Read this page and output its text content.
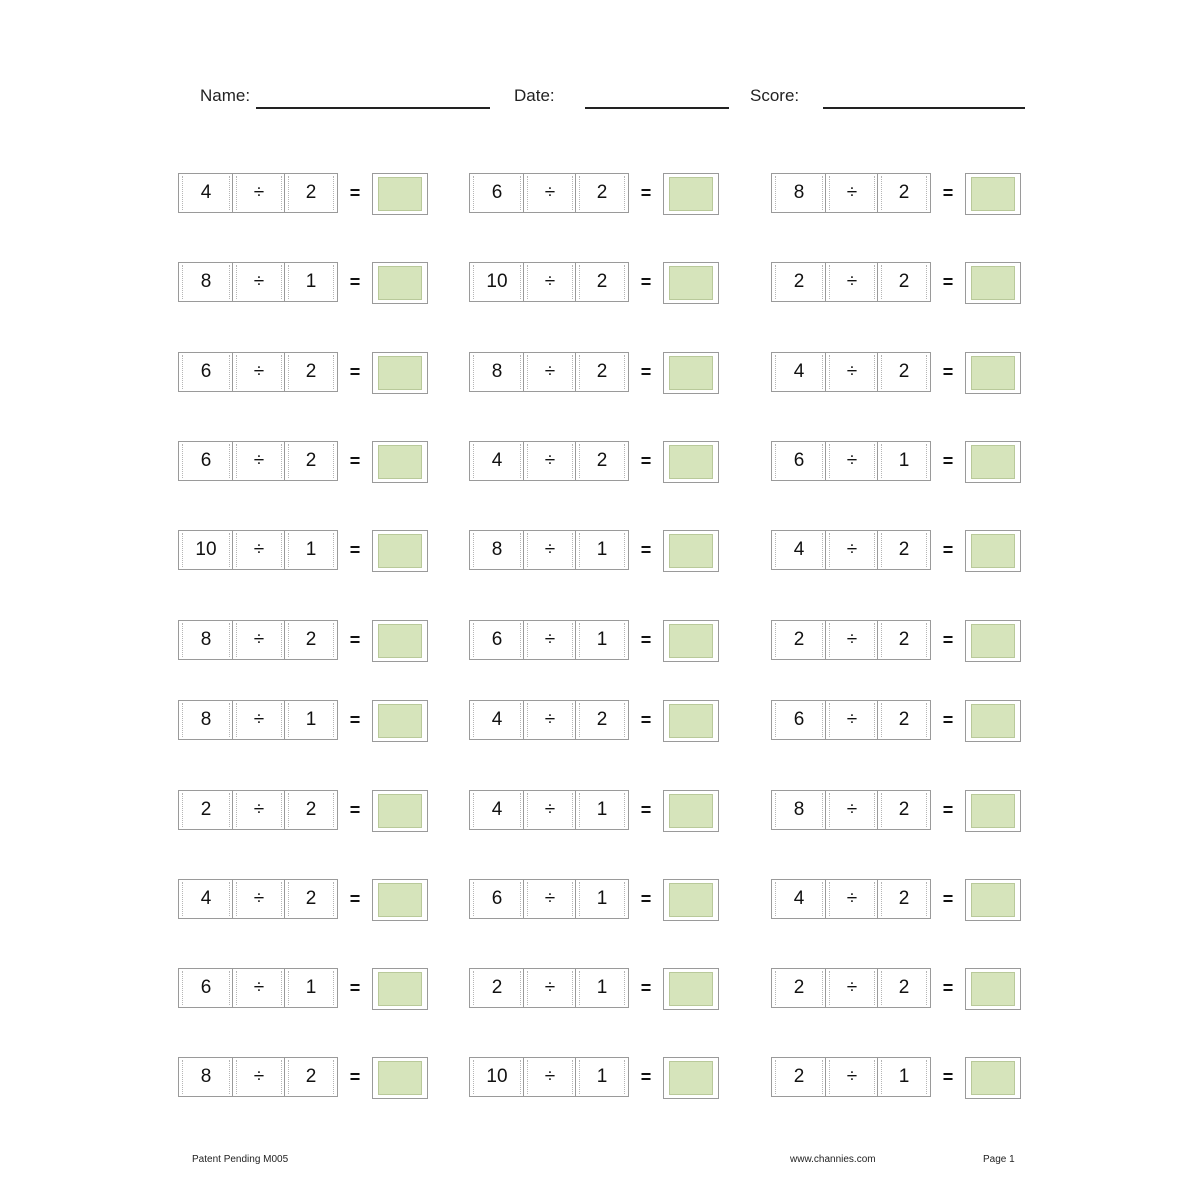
Name:	Date:	Score:
4	÷	2	=	6	÷	2	=	8	÷	2	=
8	÷	1	=	10	÷	2	=	2	÷	2	=
6	÷	2	=	8	÷	2	=	4	÷	2	=
6	÷	2	=	4	÷	2	=	6	÷	1	=
10	÷	1	=	8	÷	1	=	4	÷	2	=
8	÷	2	=	6	÷	1	=	2	÷	2	=
8	÷	1	=	4	÷	2	=	6	÷	2	=
2	÷	2	=	4	÷	1	=	8	÷	2	=
4	÷	2	=	6	÷	1	=	4	÷	2	=
6	÷	1	=	2	÷	1	=	2	÷	2	=
8	÷	2	=	10	÷	1	=	2	÷	1	=
Patent Pending M005	www.channies.com	Page 1
